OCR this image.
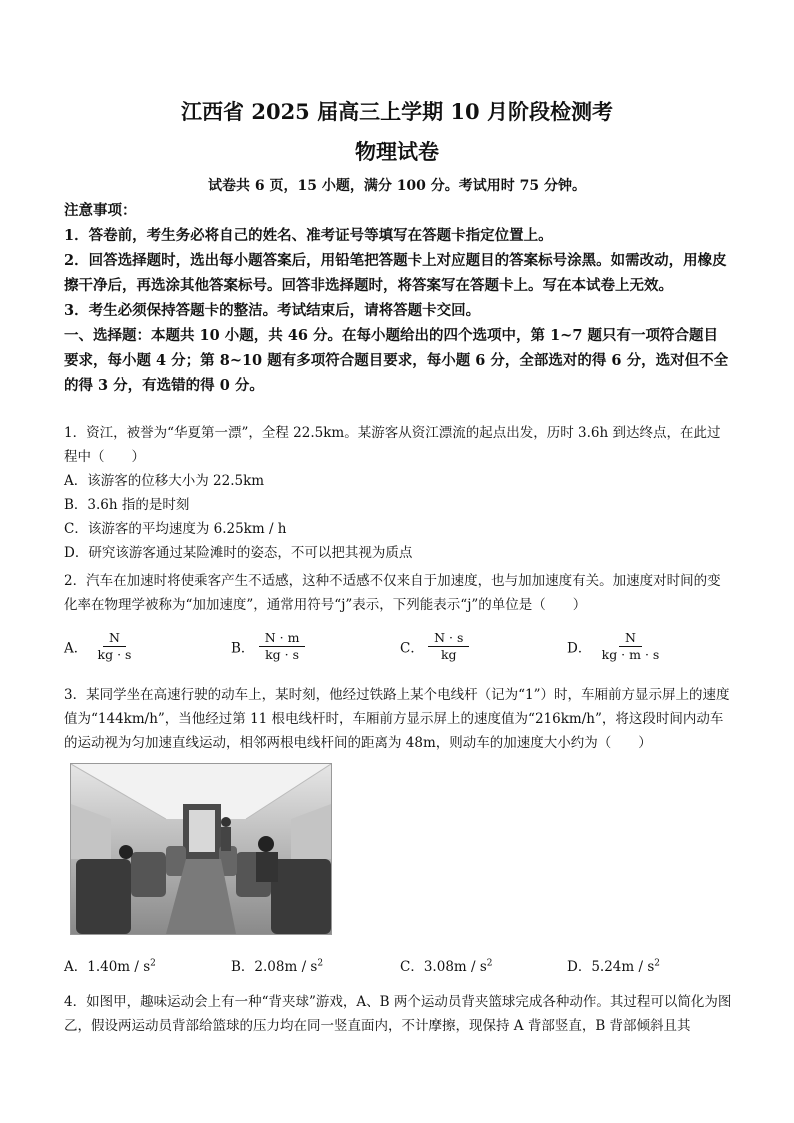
江西省 2025 届高三上学期 10 月阶段检测考
物理试卷
试卷共 6 页，15 小题，满分 100 分。考试用时 75 分钟。

注意事项：

1．答卷前，考生务必将自己的姓名、准考证号等填写在答题卡指定位置上。

2．回答选择题时，选出每小题答案后，用铅笔把答题卡上对应题目的答案标号涂黑。如需改动，用橡皮擦干净后，再选涂其他答案标号。回答非选择题时，将答案写在答题卡上。写在本试卷上无效。

3．考生必须保持答题卡的整洁。考试结束后，请将答题卡交回。

一、选择题：本题共 10 小题，共 46 分。在每小题给出的四个选项中，第 1~7 题只有一项符合题目要求，每小题 4 分；第 8~10 题有多项符合题目要求，每小题 6 分，全部选对的得 6 分，选对但不全的得 3 分，有选错的得 0 分。

1．资江，被誉为“华夏第一漂”，全程 22.5km。某游客从资江漂流的起点出发，历时 3.6h 到达终点，在此过程中（　　）

A．该游客的位移大小为 22.5km

B．3.6h 指的是时刻

C．该游客的平均速度为 6.25km / h

D．研究该游客通过某险滩时的姿态，不可以把其视为质点

2．汽车在加速时将使乘客产生不适感，这种不适感不仅来自于加速度，也与加加速度有关。加速度对时间的变化率在物理学被称为“加加速度”，通常用符号“j”表示，下列能表示“j”的单位是（　　）

A． $\frac{N}{kg \cdot s}$	B． $\frac{N \cdot m}{kg \cdot s}$	C． $\frac{N \cdot s}{kg}$	D． $\frac{N}{kg \cdot m \cdot s}$

3．某同学坐在高速行驶的动车上，某时刻，他经过铁路上某个电线杆（记为“1”）时，车厢前方显示屏上的速度值为“144km/h”，当他经过第 11 根电线杆时，车厢前方显示屏上的速度值为“216km/h”，将这段时间内动车的运动视为匀加速直线运动，相邻两根电线杆间的距离为 48m，则动车的加速度大小约为（　　）

A．$1.40m / s^2$	B．$2.08m / s^2$	C．$3.08m / s^2$	D．$5.24m / s^2$

4．如图甲，趣味运动会上有一种“背夹球”游戏，A、B 两个运动员背夹篮球完成各种动作。其过程可以简化为图乙，假设两运动员背部给篮球的压力均在同一竖直面内，不计摩擦，现保持 A 背部竖直，B 背部倾斜且其
